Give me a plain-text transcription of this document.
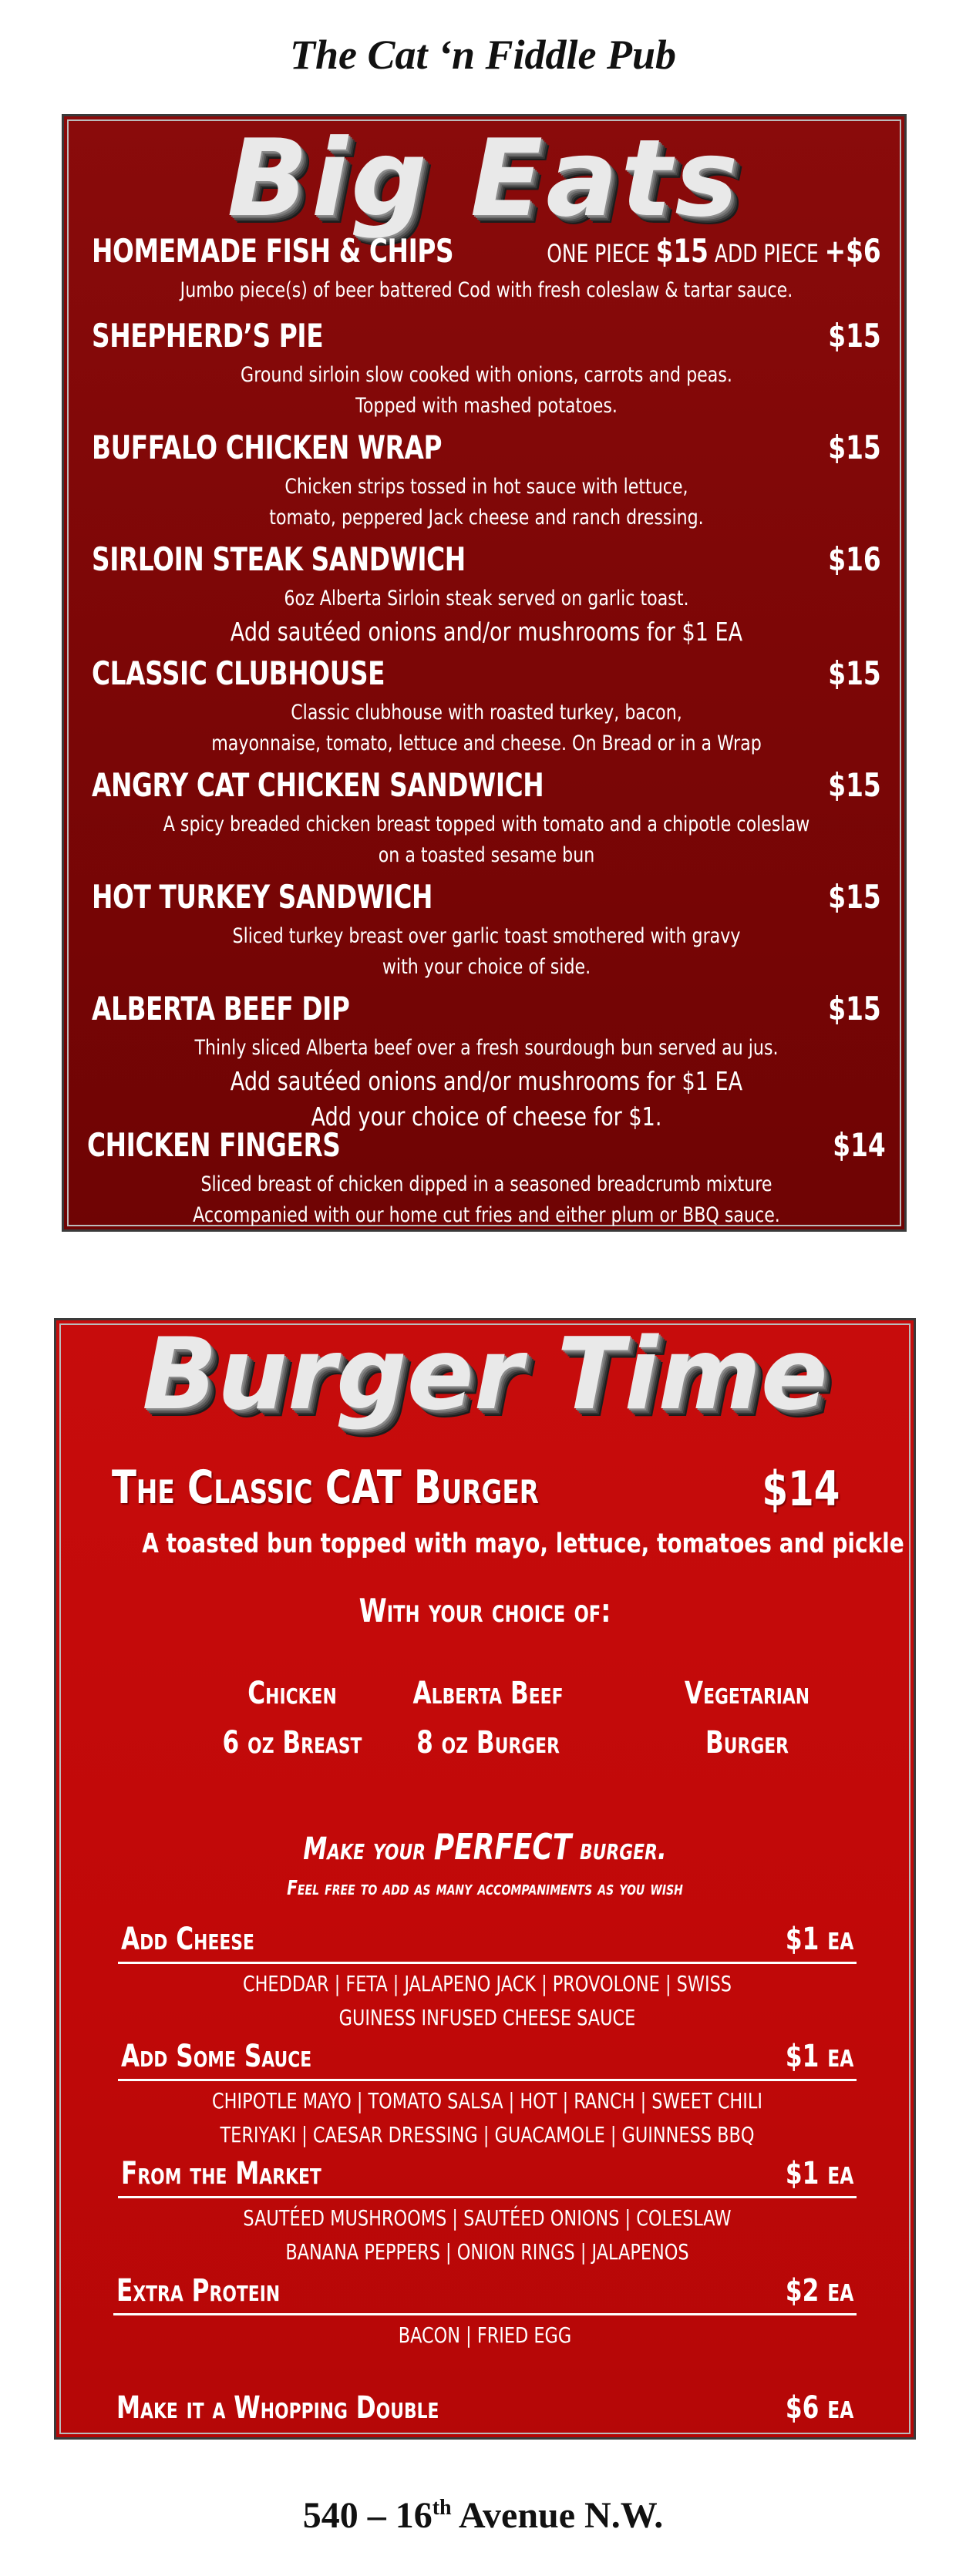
The Cat ‘n Fiddle Pub
Big Eats
HOMEMADE FISH & CHIPS	ONE PIECE $15 ADD PIECE +$6
Jumbo piece(s) of beer battered Cod with fresh coleslaw & tartar sauce.
SHEPHERD’S PIE	$15
Ground sirloin slow cooked with onions, carrots and peas.
Topped with mashed potatoes.
BUFFALO CHICKEN WRAP	$15
Chicken strips tossed in hot sauce with lettuce,
tomato, peppered Jack cheese and ranch dressing.
SIRLOIN STEAK SANDWICH	$16
6oz Alberta Sirloin steak served on garlic toast.
Add sautéed onions and/or mushrooms for $1 EA
CLASSIC CLUBHOUSE	$15
Classic clubhouse with roasted turkey, bacon,
mayonnaise, tomato, lettuce and cheese. On Bread or in a Wrap
ANGRY CAT CHICKEN SANDWICH	$15
A spicy breaded chicken breast topped with tomato and a chipotle coleslaw
on a toasted sesame bun
HOT TURKEY SANDWICH	$15
Sliced turkey breast over garlic toast smothered with gravy
with your choice of side.
ALBERTA BEEF DIP	$15
Thinly sliced Alberta beef over a fresh sourdough bun served au jus.
Add sautéed onions and/or mushrooms for $1 EA
Add your choice of cheese for $1.
CHICKEN FINGERS	$14
Sliced breast of chicken dipped in a seasoned breadcrumb mixture
Accompanied with our home cut fries and either plum or BBQ sauce.
Burger Time
The Classic CAT Burger	$14
A toasted bun topped with mayo, lettuce, tomatoes and pickle
With your choice of:
Chicken
6 oz Breast
Alberta Beef
8 oz Burger
Vegetarian
Burger
Make your PERFECT burger.
Feel free to add as many accompaniments as you wish
Add Cheese	$1 EA
CHEDDAR | FETA | JALAPENO JACK | PROVOLONE | SWISS
GUINESS INFUSED CHEESE SAUCE
Add Some Sauce	$1 EA
CHIPOTLE MAYO | TOMATO SALSA | HOT | RANCH | SWEET CHILI
TERIYAKI | CAESAR DRESSING | GUACAMOLE | GUINNESS BBQ
From the Market	$1 EA
SAUTÉED MUSHROOMS | SAUTÉED ONIONS | COLESLAW
BANANA PEPPERS | ONION RINGS | JALAPENOS
Extra Protein	$2 EA
BACON | FRIED EGG
Make it a Whopping Double	$6 EA
540 – 16th Avenue N.W.
